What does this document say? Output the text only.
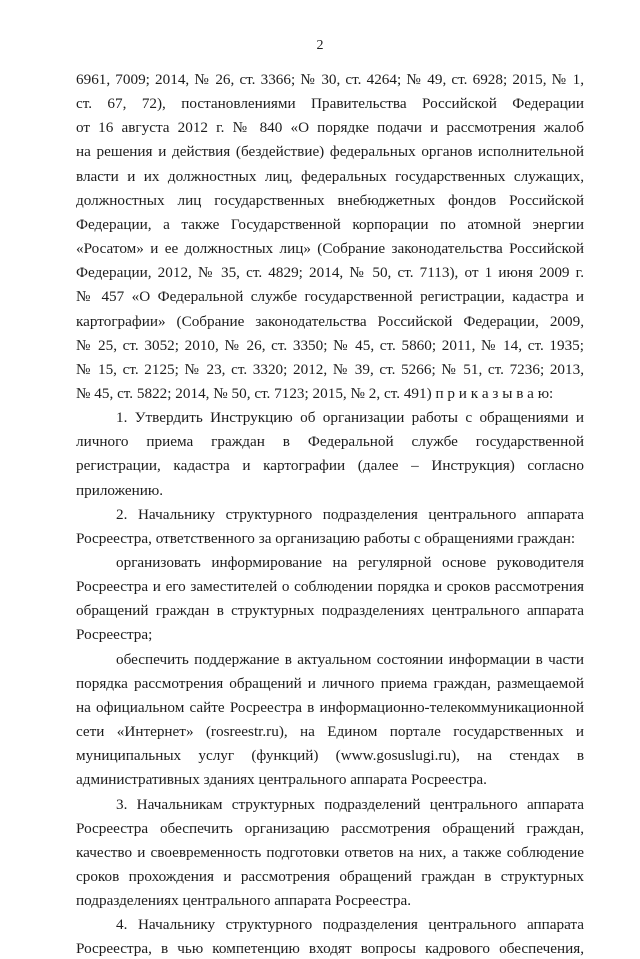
2
6961, 7009; 2014, № 26, ст. 3366; № 30, ст. 4264; № 49, ст. 6928; 2015, № 1,
ст. 67, 72), постановлениями Правительства Российской Федерации
от 16 августа 2012 г. № 840 «О порядке подачи и рассмотрения жалоб
на решения и действия (бездействие) федеральных органов исполнительной
власти и их должностных лиц, федеральных государственных служащих,
должностных лиц государственных внебюджетных фондов Российской
Федерации, а также Государственной корпорации по атомной энергии
«Росатом» и ее должностных лиц» (Собрание законодательства Российской
Федерации, 2012, № 35, ст. 4829; 2014, № 50, ст. 7113), от 1 июня 2009 г.
№ 457 «О Федеральной службе государственной регистрации, кадастра и
картографии» (Собрание законодательства Российской Федерации, 2009,
№ 25, ст. 3052; 2010, № 26, ст. 3350; № 45, ст. 5860; 2011, № 14, ст. 1935;
№ 15, ст. 2125; № 23, ст. 3320; 2012, № 39, ст. 5266; № 51, ст. 7236; 2013,
№ 45, ст. 5822; 2014, № 50, ст. 7123; 2015, № 2, ст. 491) п р и к а з ы в а ю:
1. Утвердить Инструкцию об организации работы с обращениями и
личного приема граждан в Федеральной службе государственной
регистрации, кадастра и картографии (далее – Инструкция) согласно
приложению.
2. Начальнику структурного подразделения центрального аппарата
Росреестра, ответственного за организацию работы с обращениями граждан:
организовать информирование на регулярной основе руководителя
Росреестра и его заместителей о соблюдении порядка и сроков рассмотрения
обращений граждан в структурных подразделениях центрального аппарата
Росреестра;
обеспечить поддержание в актуальном состоянии информации в части
порядка рассмотрения обращений и личного приема граждан, размещаемой
на официальном сайте Росреестра в информационно-телекоммуникационной
сети «Интернет» (rosreestr.ru), на Едином портале государственных и
муниципальных услуг (функций) (www.gosuslugi.ru), на стендах в
административных зданиях центрального аппарата Росреестра.
3. Начальникам структурных подразделений центрального аппарата
Росреестра обеспечить организацию рассмотрения обращений граждан,
качество и своевременность подготовки ответов на них, а также соблюдение
сроков прохождения и рассмотрения обращений граждан в структурных
подразделениях центрального аппарата Росреестра.
4. Начальнику структурного подразделения центрального аппарата
Росреестра, в чью компетенцию входят вопросы кадрового обеспечения,
